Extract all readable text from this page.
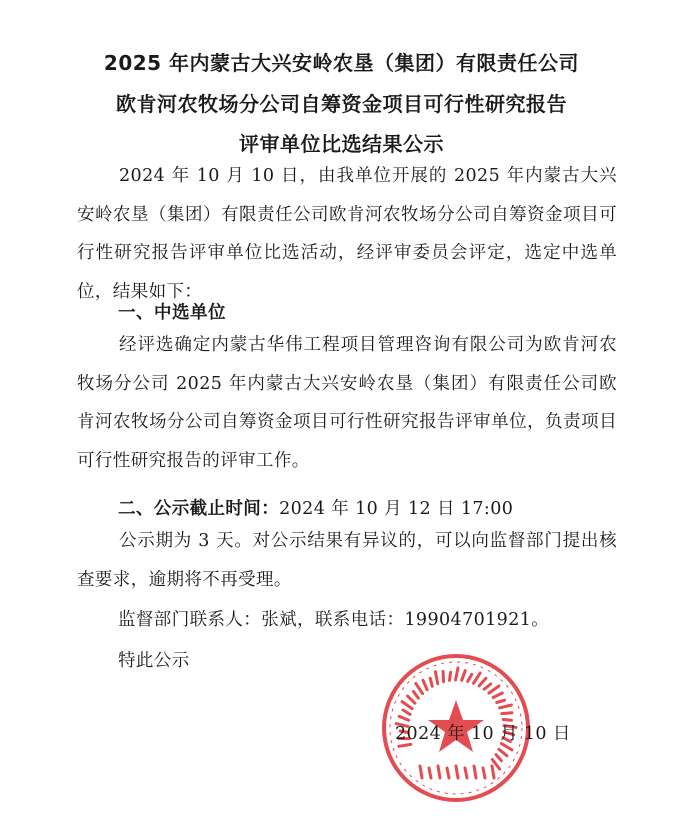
2025 年内蒙古大兴安岭农垦（集团）有限责任公司
欧肯河农牧场分公司自筹资金项目可行性研究报告
评审单位比选结果公示
2024 年 10 月 10 日，由我单位开展的 2025 年内蒙古大兴安岭农垦（集团）有限责任公司欧肯河农牧场分公司自筹资金项目可行性研究报告评审单位比选活动，经评审委员会评定，选定中选单位，结果如下：
一、中选单位
经评选确定内蒙古华伟工程项目管理咨询有限公司为欧肯河农牧场分公司 2025 年内蒙古大兴安岭农垦（集团）有限责任公司欧肯河农牧场分公司自筹资金项目可行性研究报告评审单位，负责项目可行性研究报告的评审工作。
二、公示截止时间：2024 年 10 月 12 日 17:00
公示期为 3 天。对公示结果有异议的，可以向监督部门提出核查要求，逾期将不再受理。
监督部门联系人：张斌，联系电话：19904701921。
特此公示
2024 年 10 月 10 日
